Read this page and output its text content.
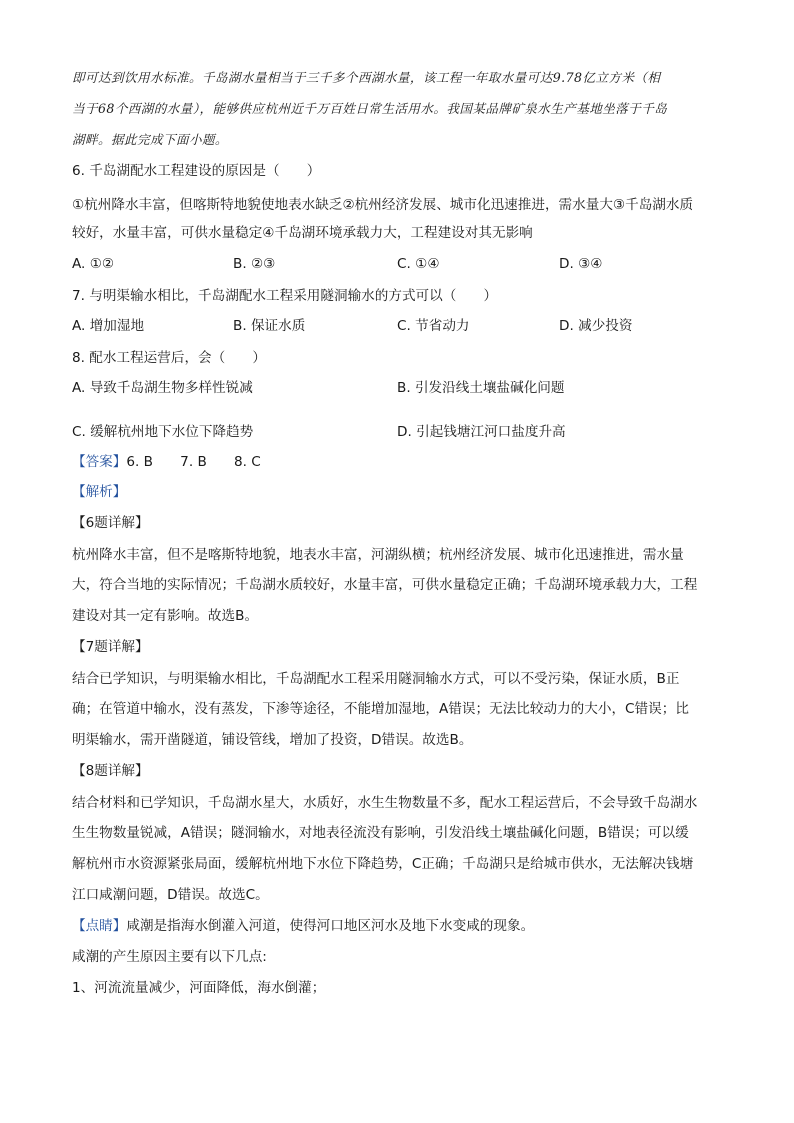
即可达到饮用水标准。千岛湖水量相当于三千多个西湖水量，该工程一年取水量可达9.78亿立方米（相
当于68个西湖的水量），能够供应杭州近千万百姓日常生活用水。我国某品牌矿泉水生产基地坐落于千岛
湖畔。据此完成下面小题。
6. 千岛湖配水工程建设的原因是（　　）
①杭州降水丰富，但喀斯特地貌使地表水缺乏②杭州经济发展、城市化迅速推进，需水量大③千岛湖水质
较好，水量丰富，可供水量稳定④千岛湖环境承载力大，工程建设对其无影响
A. ①②	B. ②③	C. ①④	D. ③④
7. 与明渠输水相比，千岛湖配水工程采用隧洞输水的方式可以（　　）
A. 增加湿地	B. 保证水质	C. 节省动力	D. 减少投资
8. 配水工程运营后，会（　　）
A. 导致千岛湖生物多样性锐减	B. 引发沿线土壤盐碱化问题
C. 缓解杭州地下水位下降趋势	D. 引起钱塘江河口盐度升高
【答案】6. B　　7. B　　8. C
【解析】
【6题详解】
杭州降水丰富，但不是喀斯特地貌，地表水丰富，河湖纵横；杭州经济发展、城市化迅速推进，需水量
大，符合当地的实际情况；千岛湖水质较好，水量丰富，可供水量稳定正确；千岛湖环境承载力大，工程
建设对其一定有影响。故选B。
【7题详解】
结合已学知识，与明渠输水相比，千岛湖配水工程采用隧洞输水方式，可以不受污染，保证水质，B正
确；在管道中输水，没有蒸发，下渗等途径，不能增加湿地，A错误；无法比较动力的大小，C错误；比
明渠输水，需开凿隧道，铺设管线，增加了投资，D错误。故选B。
【8题详解】
结合材料和已学知识，千岛湖水星大，水质好，水生生物数量不多，配水工程运营后，不会导致千岛湖水
生生物数量锐减，A错误；隧洞输水，对地表径流没有影响，引发沿线土壤盐碱化问题，B错误；可以缓
解杭州市水资源紧张局面，缓解杭州地下水位下降趋势，C正确；千岛湖只是给城市供水，无法解决钱塘
江口咸潮问题，D错误。故选C。
【点睛】咸潮是指海水倒灌入河道，使得河口地区河水及地下水变咸的现象。
咸潮的产生原因主要有以下几点:
1、河流流量减少，河面降低，海水倒灌；
